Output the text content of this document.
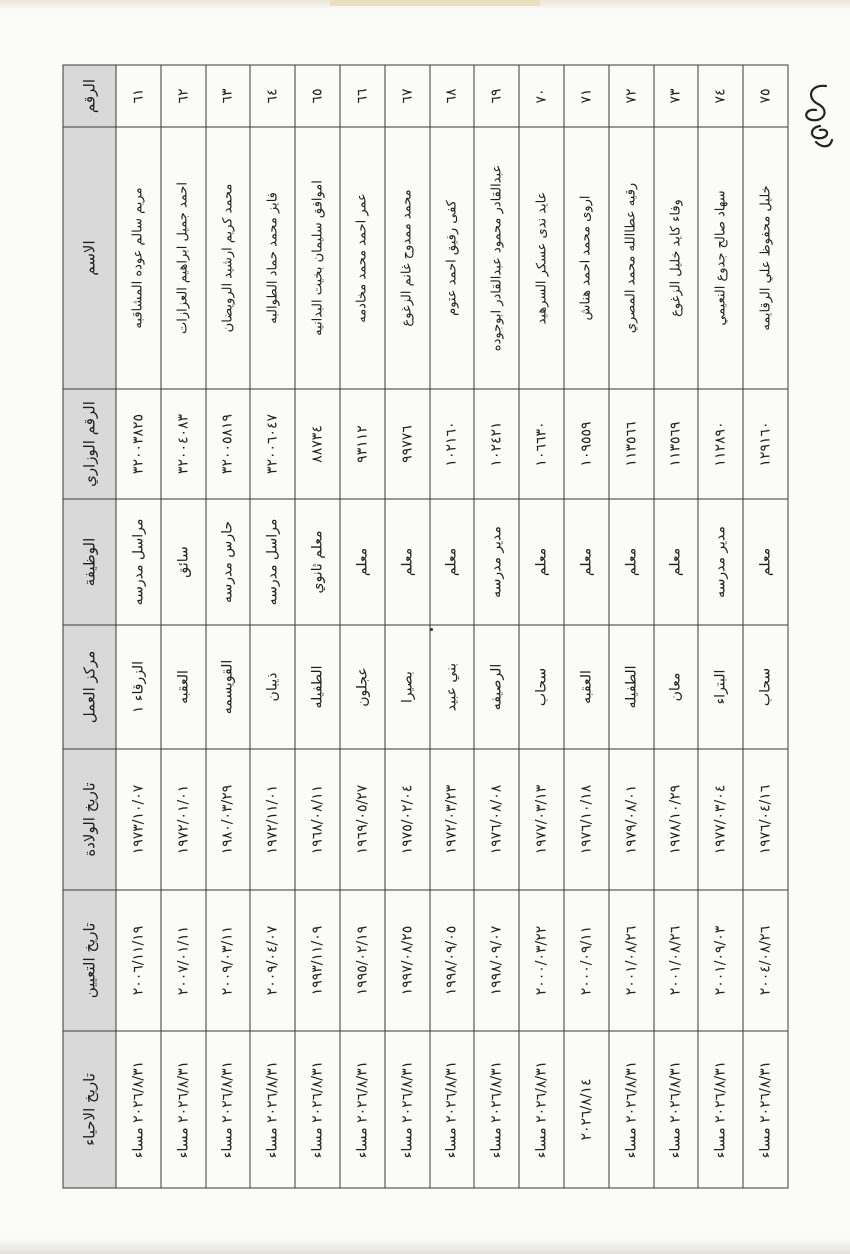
الرقم	الاسم	الرقم الوزاري	الوظيفة	مركز العمل	تاريخ الولادة	تاريخ التعيين	تاريخ الاحياء
٦١	مريم سالم عوده المشاقبه	٣٢٠٠٣٨٢٥	مراسل مدرسه	الزرقاء ١	١٩٧٣/١٠/٠٧	٢٠٠٦/١١/١٩	٢٠٢٦/٨/٣١ مساء
٦٢	احمد جميل ابراهيم العزازات	٣٢٠٠٤٠٨٣	سائق	العقبه	١٩٧٢/٠١/٠١	٢٠٠٧/٠١/١١	٢٠٢٦/٨/٣١ مساء
٦٣	محمد كريم ارشيد الرويضان	٣٢٠٠٥٨١٩	حارس مدرسه	القويسمه	١٩٨٠/٠٣/٢٩	٢٠٠٩/٠٣/١١	٢٠٢٦/٨/٣١ مساء
٦٤	فايز محمد حماد الطوالبه	٣٢٠٠٦٠٤٧	مراسل مدرسه	ذيبان	١٩٧٢/١١/٠١	٢٠٠٩/٠٤/٠٧	٢٠٢٦/٨/٣١ مساء
٦٥	اموافق سليمان بخيت البدانيه	٨٨٧٣٤	معلم ثانوي	الطفيله	١٩٦٨/٠٨/١١	١٩٩٣/١١/٠٩	٢٠٢٦/٨/٣١ مساء
٦٦	عمر احمد محمد مخادمه	٩٣١١٢	معلم	عجلون	١٩٦٩/٠٥/٢٧	١٩٩٥/٠٢/١٩	٢٠٢٦/٨/٣١ مساء
٦٧	محمد ممدوح غانم الزغوع	٩٩٧٧٦	معلم	بصيرا	١٩٧٥/٠٢/٠٤	١٩٩٧/٠٨/٢٥	٢٠٢٦/٨/٣١ مساء
٦٨	كفى رفيق احمد عتوم	١٠٢١٦٠	معلم	بني عبيد	١٩٧٢/٠٣/٢٣	١٩٩٨/٠٩/٠٥	٢٠٢٦/٨/٣١ مساء
٦٩	عبدالقادر محمود عبدالقادر ابوجوده	١٠٢٤٢١	مدير مدرسه	الرصيفه	١٩٧٦/٠٨/٠٨	١٩٩٨/٠٩/٠٧	٢٠٢٦/٨/٣١ مساء
٧٠	عايد ندى عسكر السرهيد	١٠٦٦٣٠	معلم	سحاب	١٩٧٧/٠٣/١٣	٢٠٠٠/٠٣/٢٢	٢٠٢٦/٨/٣١ مساء
٧١	اروى محمد احمد هناش	١٠٩٥٥٩	معلم	العقبه	١٩٧٦/١٠/١٨	٢٠٠٠/٠٩/١١	٢٠٢٦/٨/١٤
٧٢	رقيه عطاالله محمد المصري	١١٣٥٦٦	معلم	الطفيله	١٩٧٩/٠٨/٠١	٢٠٠١/٠٨/٢٦	٢٠٢٦/٨/٣١ مساء
٧٣	وفاء كايد خليل الزغوع	١١٣٥٦٩	معلم	معان	١٩٧٨/١٠/٢٩	٢٠٠١/٠٨/٢٦	٢٠٢٦/٨/٣١ مساء
٧٤	سهاد صالح جدوع النعيمي	١١٢٨٩٠	مدير مدرسه	البتراء	١٩٧٧/٠٣/٠٤	٢٠٠١/٠٩/٠٣	٢٠٢٦/٨/٣١ مساء
٧٥	خليل محفوظ علي الرقايمه	١٢٩١٦٠	معلم	سحاب	١٩٧٦/٠٤/١٦	٢٠٠٤/٠٨/٢٦	٢٠٢٦/٨/٣١ مساء
